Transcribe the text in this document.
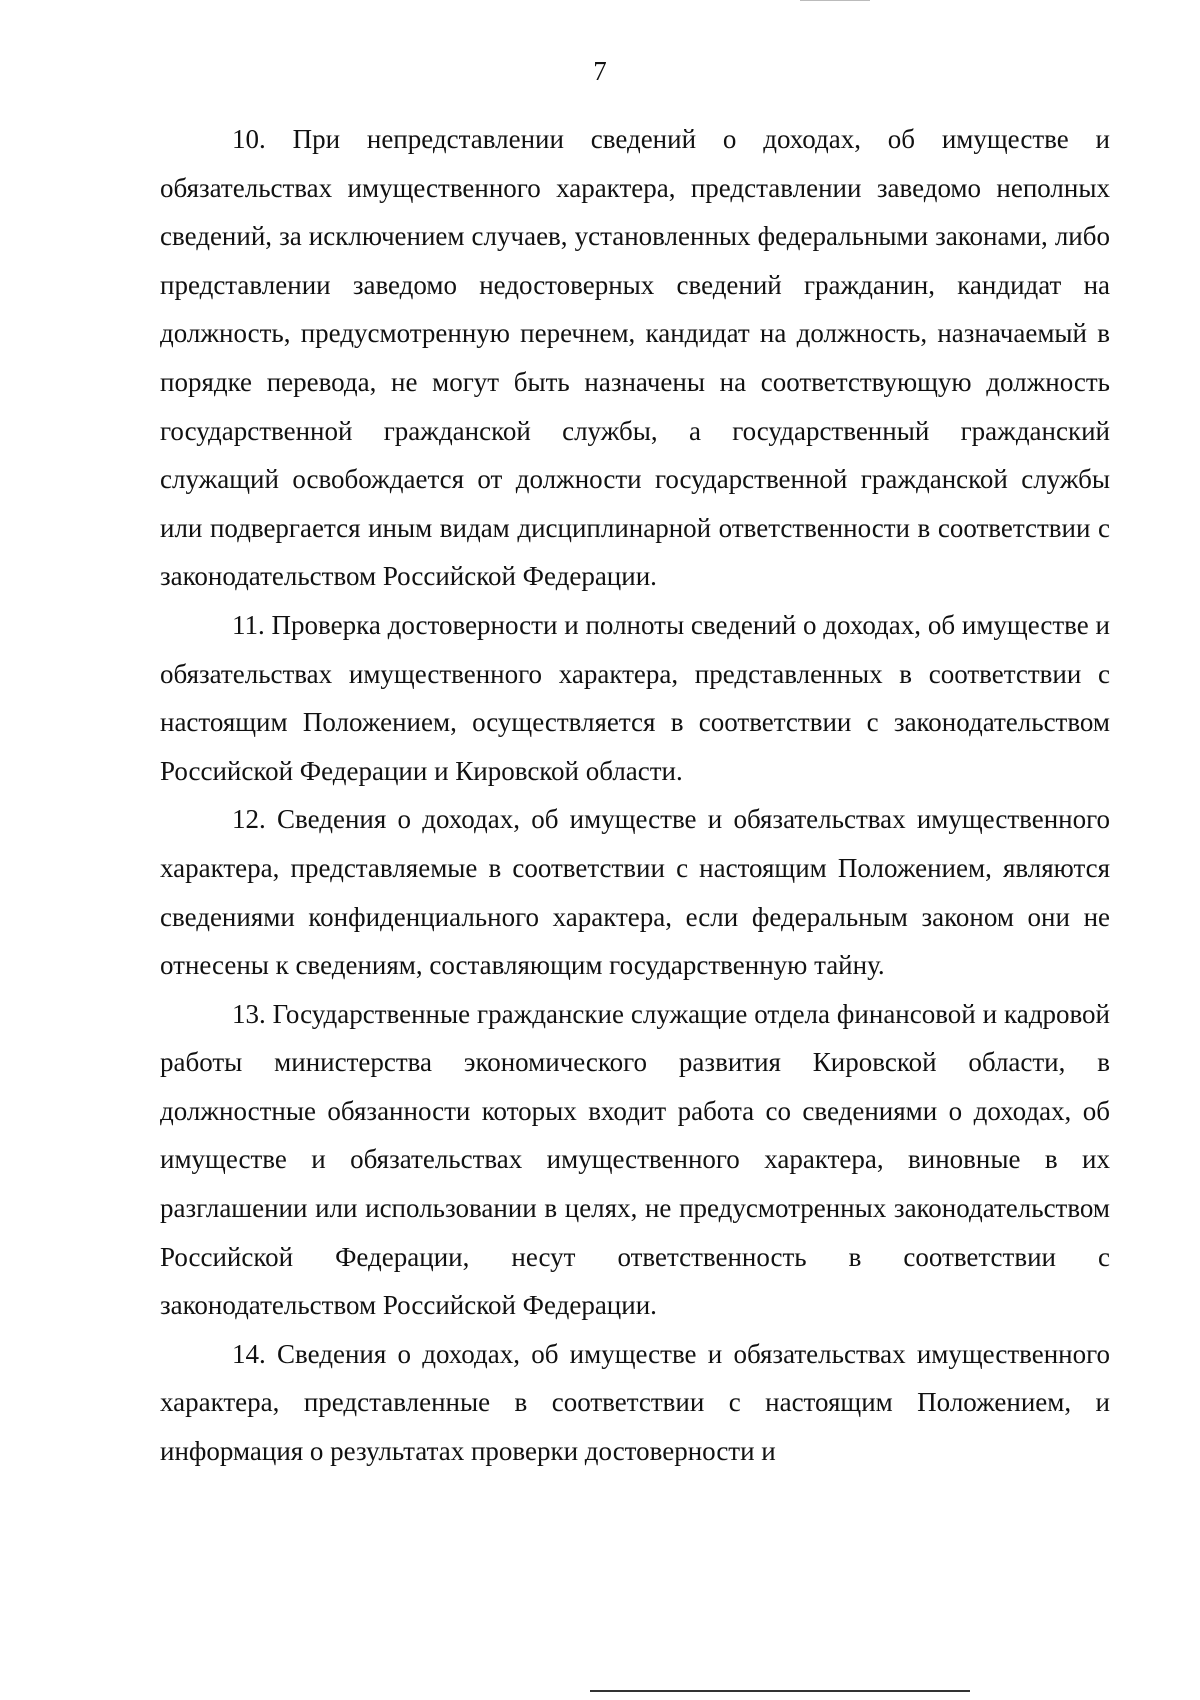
7

10. При непредставлении сведений о доходах, об имуществе и обязательствах имущественного характера, представлении заведомо неполных сведений, за исключением случаев, установленных федеральными законами, либо представлении заведомо недостоверных сведений гражданин, кандидат на должность, предусмотренную перечнем, кандидат на должность, назначаемый в порядке перевода, не могут быть назначены на соответствующую должность государственной гражданской службы, а государственный гражданский служащий освобождается от должности государственной гражданской службы или подвергается иным видам дисциплинарной ответственности в соответствии с законодательством Российской Федерации.

11. Проверка достоверности и полноты сведений о доходах, об имуществе и обязательствах имущественного характера, представленных в соответствии с настоящим Положением, осуществляется в соответствии с законодательством Российской Федерации и Кировской области.

12. Сведения о доходах, об имуществе и обязательствах имущественного характера, представляемые в соответствии с настоящим Положением, являются сведениями конфиденциального характера, если федеральным законом они не отнесены к сведениям, составляющим государственную тайну.

13. Государственные гражданские служащие отдела финансовой и кадровой работы министерства экономического развития Кировской области, в должностные обязанности которых входит работа со сведениями о доходах, об имуществе и обязательствах имущественного характера, виновные в их разглашении или использовании в целях, не предусмотренных законодательством Российской Федерации, несут ответственность в соответствии с законодательством Российской Федерации.

14. Сведения о доходах, об имуществе и обязательствах имущественного характера, представленные в соответствии с настоящим Положением, и информация о результатах проверки достоверности и
